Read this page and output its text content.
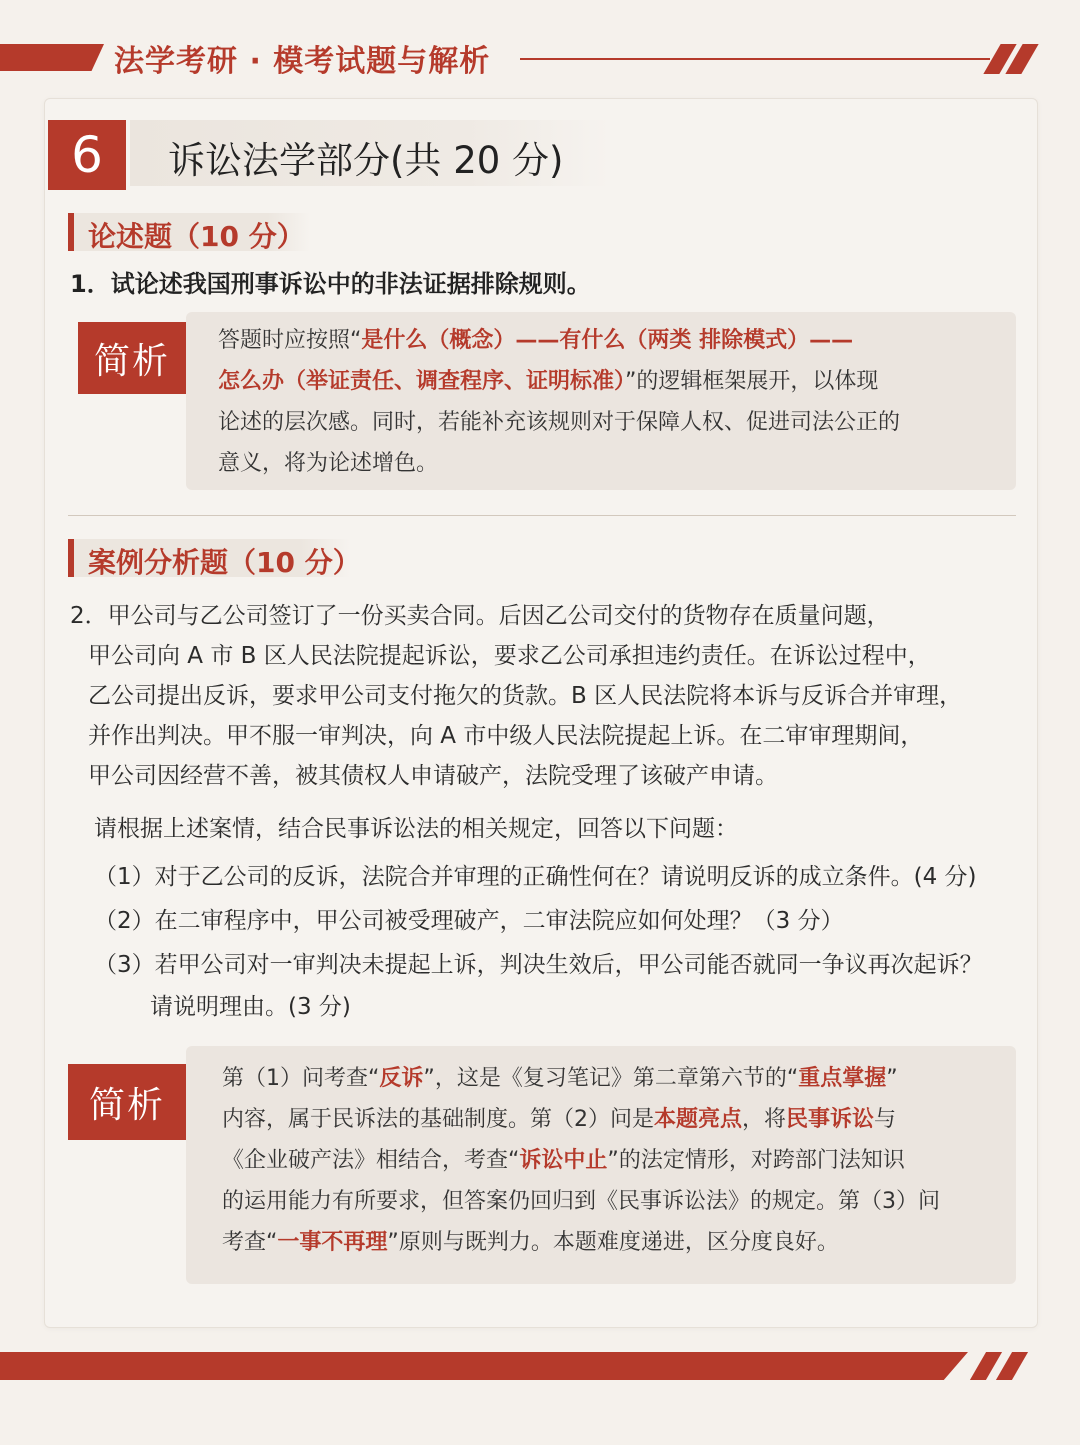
法学考研 · 模考试题与解析
6	诉讼法学部分(共 20 分)
论述题（10 分）
1．试论述我国刑事诉讼中的非法证据排除规则。
简析	答题时应按照“是什么（概念）——有什么（两类 排除模式）——
怎么办（举证责任、调查程序、证明标准）”的逻辑框架展开，以体现
论述的层次感。同时，若能补充该规则对于保障人权、促进司法公正的
意义，将为论述增色。
案例分析题（10 分）
2．甲公司与乙公司签订了一份买卖合同。后因乙公司交付的货物存在质量问题，
甲公司向 A 市 B 区人民法院提起诉讼，要求乙公司承担违约责任。在诉讼过程中，
乙公司提出反诉，要求甲公司支付拖欠的货款。B 区人民法院将本诉与反诉合并审理，
并作出判决。甲不服一审判决，向 A 市中级人民法院提起上诉。在二审审理期间，
甲公司因经营不善，被其债权人申请破产，法院受理了该破产申请。
请根据上述案情，结合民事诉讼法的相关规定，回答以下问题：
（1）对于乙公司的反诉，法院合并审理的正确性何在？请说明反诉的成立条件。(4 分)
（2）在二审程序中，甲公司被受理破产，二审法院应如何处理？（3 分）
（3）若甲公司对一审判决未提起上诉，判决生效后，甲公司能否就同一争议再次起诉？
请说明理由。(3 分)
简析
第（1）问考查“反诉”，这是《复习笔记》第二章第六节的“重点掌握”
内容，属于民诉法的基础制度。第（2）问是本题亮点，将民事诉讼与
《企业破产法》相结合，考查“诉讼中止”的法定情形，对跨部门法知识
的运用能力有所要求，但答案仍回归到《民事诉讼法》的规定。第（3）问
考查“一事不再理”原则与既判力。本题难度递进，区分度良好。
